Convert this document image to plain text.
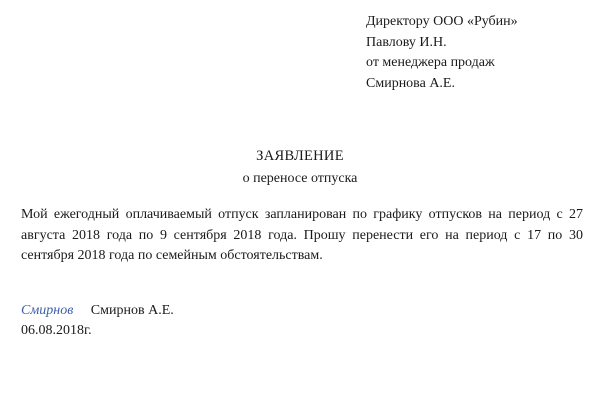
Директору ООО «Рубин»
Павлову И.Н.
от менеджера продаж
Смирнова А.Е.
ЗАЯВЛЕНИЕ
о переносе отпуска
Мой ежегодный оплачиваемый отпуск запланирован по графику отпусков на период с 27 августа 2018 года по 9 сентября 2018 года. Прошу перенести его на период с 17 по 30 сентября 2018 года по семейным обстоятельствам.
Смирнов Смирнов А.Е.
06.08.2018г.
